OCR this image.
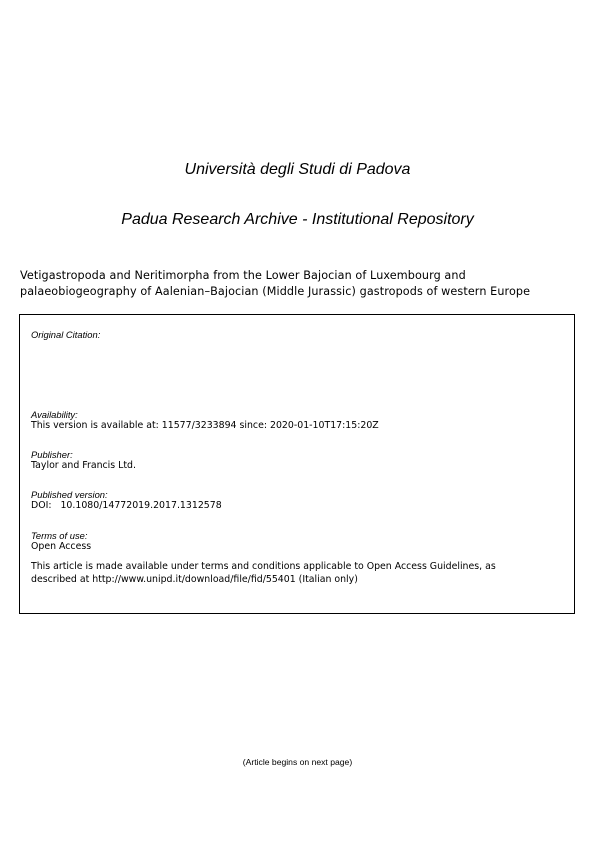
Università degli Studi di Padova
Padua Research Archive - Institutional Repository
Vetigastropoda and Neritimorpha from the Lower Bajocian of Luxembourg and
palaeobiogeography of Aalenian–Bajocian (Middle Jurassic) gastropods of western Europe
Original Citation:
Availability:
This version is available at: 11577/3233894 since: 2020-01-10T17:15:20Z
Publisher:
Taylor and Francis Ltd.
Published version:
DOI:   10.1080/14772019.2017.1312578
Terms of use:
Open Access
This article is made available under terms and conditions applicable to Open Access Guidelines, as
described at http://www.unipd.it/download/file/fid/55401 (Italian only)
(Article begins on next page)
